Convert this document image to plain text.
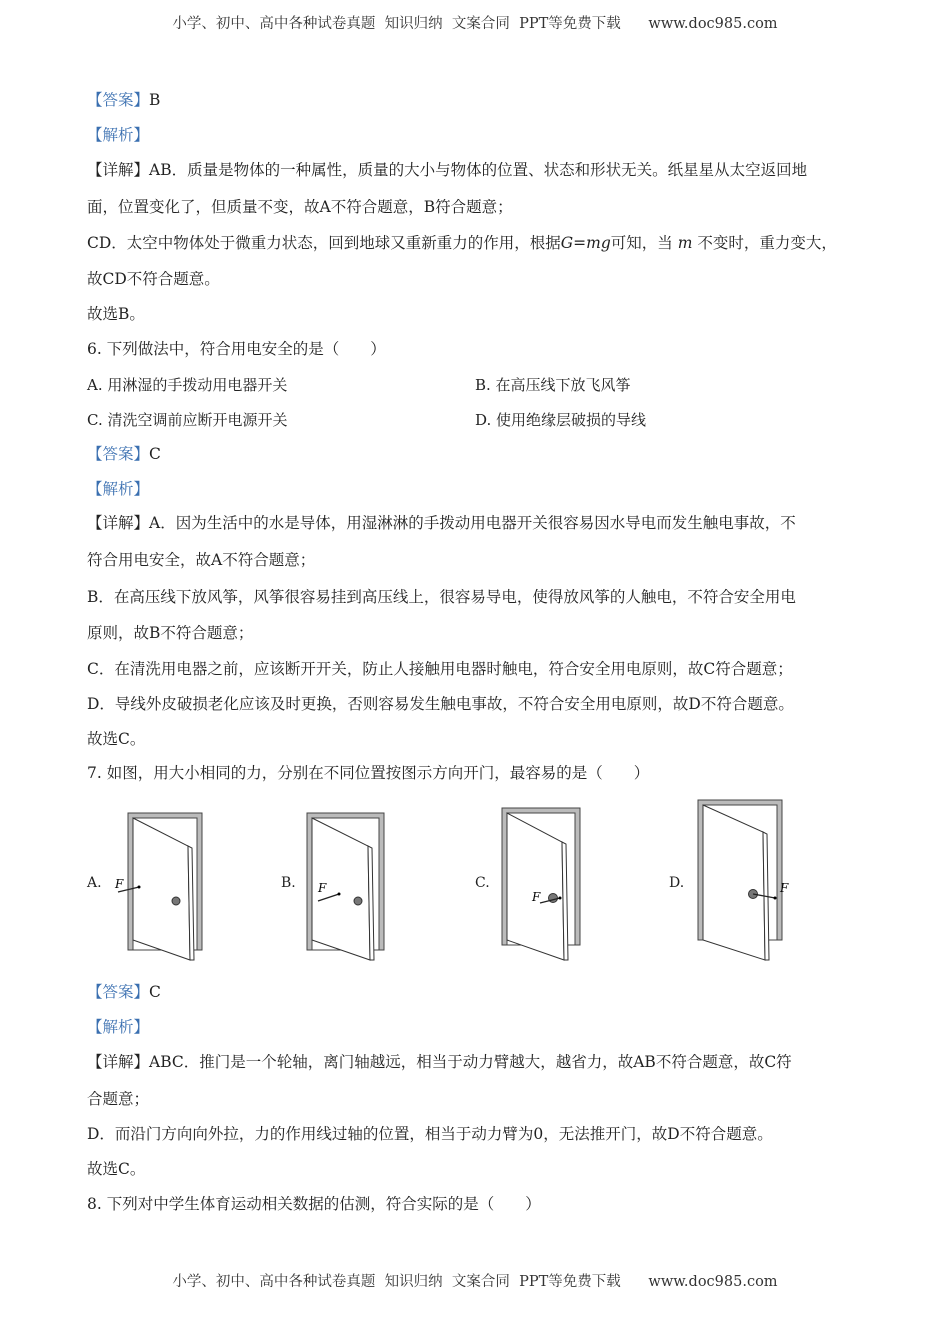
小学、初中、高中各种试卷真题  知识归纳  文案合同  PPT等免费下载      www.doc985.com
【答案】B
【解析】
【详解】AB．质量是物体的一种属性，质量的大小与物体的位置、状态和形状无关。纸星星从太空返回地
面，位置变化了，但质量不变，故A不符合题意，B符合题意；
CD．太空中物体处于微重力状态，回到地球又重新重力的作用，根据G=mg可知，当 m 不变时，重力变大，
故CD不符合题意。
故选B。
6. 下列做法中，符合用电安全的是（　　）
A. 用淋湿的手拨动用电器开关	B. 在高压线下放飞风筝
C. 清洗空调前应断开电源开关	D. 使用绝缘层破损的导线
【答案】C
【解析】
【详解】A．因为生活中的水是导体，用湿淋淋的手拨动用电器开关很容易因水导电而发生触电事故，不
符合用电安全，故A不符合题意；
B．在高压线下放风筝，风筝很容易挂到高压线上，很容易导电，使得放风筝的人触电，不符合安全用电
原则，故B不符合题意；
C．在清洗用电器之前，应该断开开关，防止人接触用电器时触电，符合安全用电原则，故C符合题意；
D．导线外皮破损老化应该及时更换，否则容易发生触电事故，不符合安全用电原则，故D不符合题意。
故选C。
7. 如图，用大小相同的力，分别在不同位置按图示方向开门，最容易的是（　　）
A. F	B. F	C.
F
D.	F
【答案】C
【解析】
【详解】ABC．推门是一个轮轴，离门轴越远，相当于动力臂越大，越省力，故AB不符合题意，故C符
合题意；
D．而沿门方向向外拉，力的作用线过轴的位置，相当于动力臂为0，无法推开门，故D不符合题意。
故选C。
8. 下列对中学生体育运动相关数据的估测，符合实际的是（　　）
小学、初中、高中各种试卷真题  知识归纳  文案合同  PPT等免费下载      www.doc985.com
